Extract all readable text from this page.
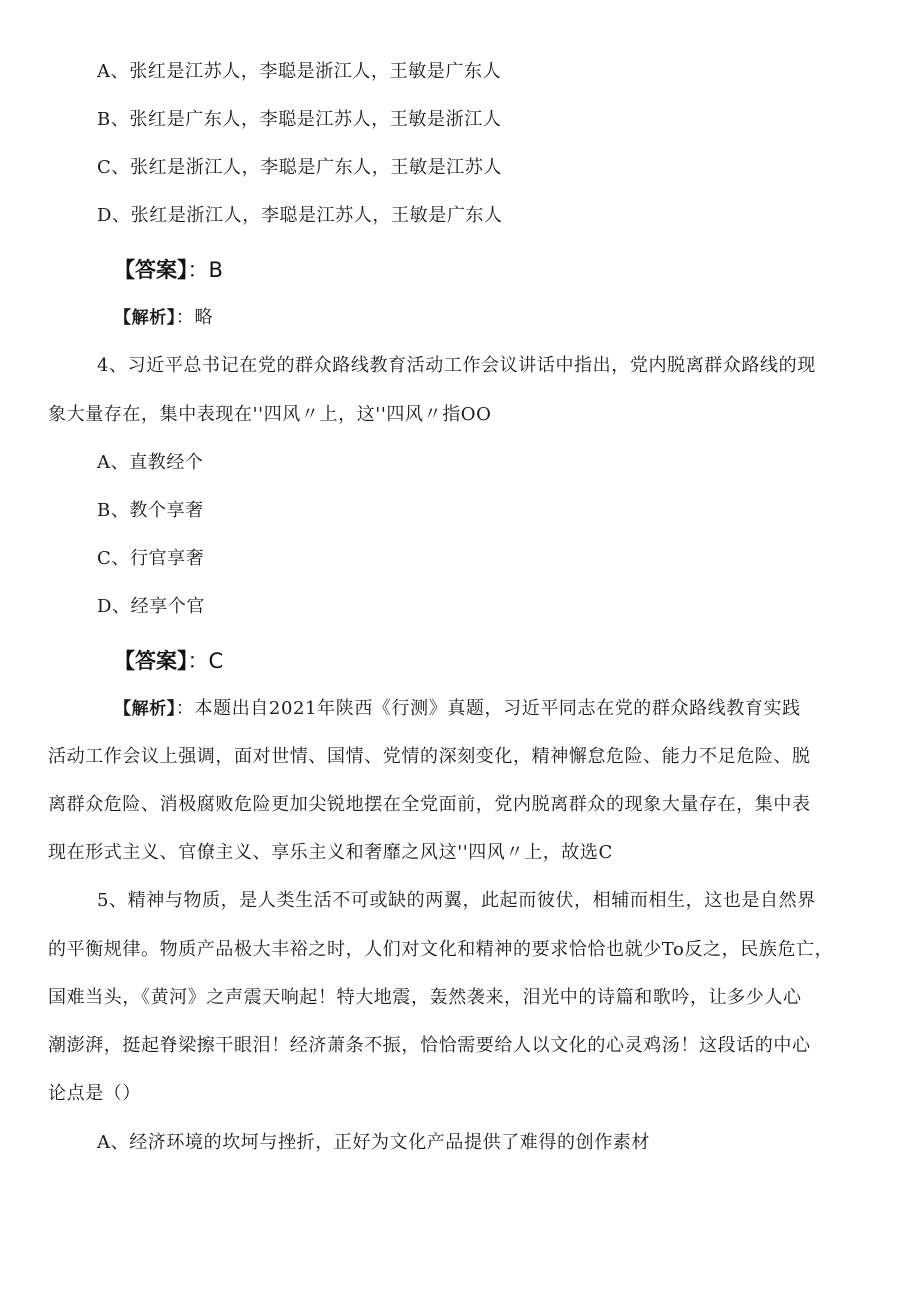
A、张红是江苏人，李聪是浙江人，王敏是广东人
B、张红是广东人，李聪是江苏人，王敏是浙江人
C、张红是浙江人，李聪是广东人，王敏是江苏人
D、张红是浙江人，李聪是江苏人，王敏是广东人
【答案】：B
【解析】：略
4、习近平总书记在党的群众路线教育活动工作会议讲话中指出，党内脱离群众路线的现
象大量存在，集中表现在''四风〃上，这''四风〃指OO
A、直教经个
B、教个享奢
C、行官享奢
D、经享个官
【答案】：C
【解析】：本题出自2021年陕西《行测》真题，习近平同志在党的群众路线教育实践
活动工作会议上强调，面对世情、国情、党情的深刻变化，精神懈怠危险、能力不足危险、脱
离群众危险、消极腐败危险更加尖锐地摆在全党面前，党内脱离群众的现象大量存在，集中表
现在形式主义、官僚主义、享乐主义和奢靡之风这''四风〃上，故选C
5、精神与物质，是人类生活不可或缺的两翼，此起而彼伏，相辅而相生，这也是自然界
的平衡规律。物质产品极大丰裕之时，人们对文化和精神的要求恰恰也就少To反之，民族危亡，
国难当头，《黄河》之声震天响起！特大地震，轰然袭来，泪光中的诗篇和歌吟，让多少人心
潮澎湃，挺起脊梁擦干眼泪！经济萧条不振，恰恰需要给人以文化的心灵鸡汤！这段话的中心
论点是（）
A、经济环境的坎坷与挫折，正好为文化产品提供了难得的创作素材
